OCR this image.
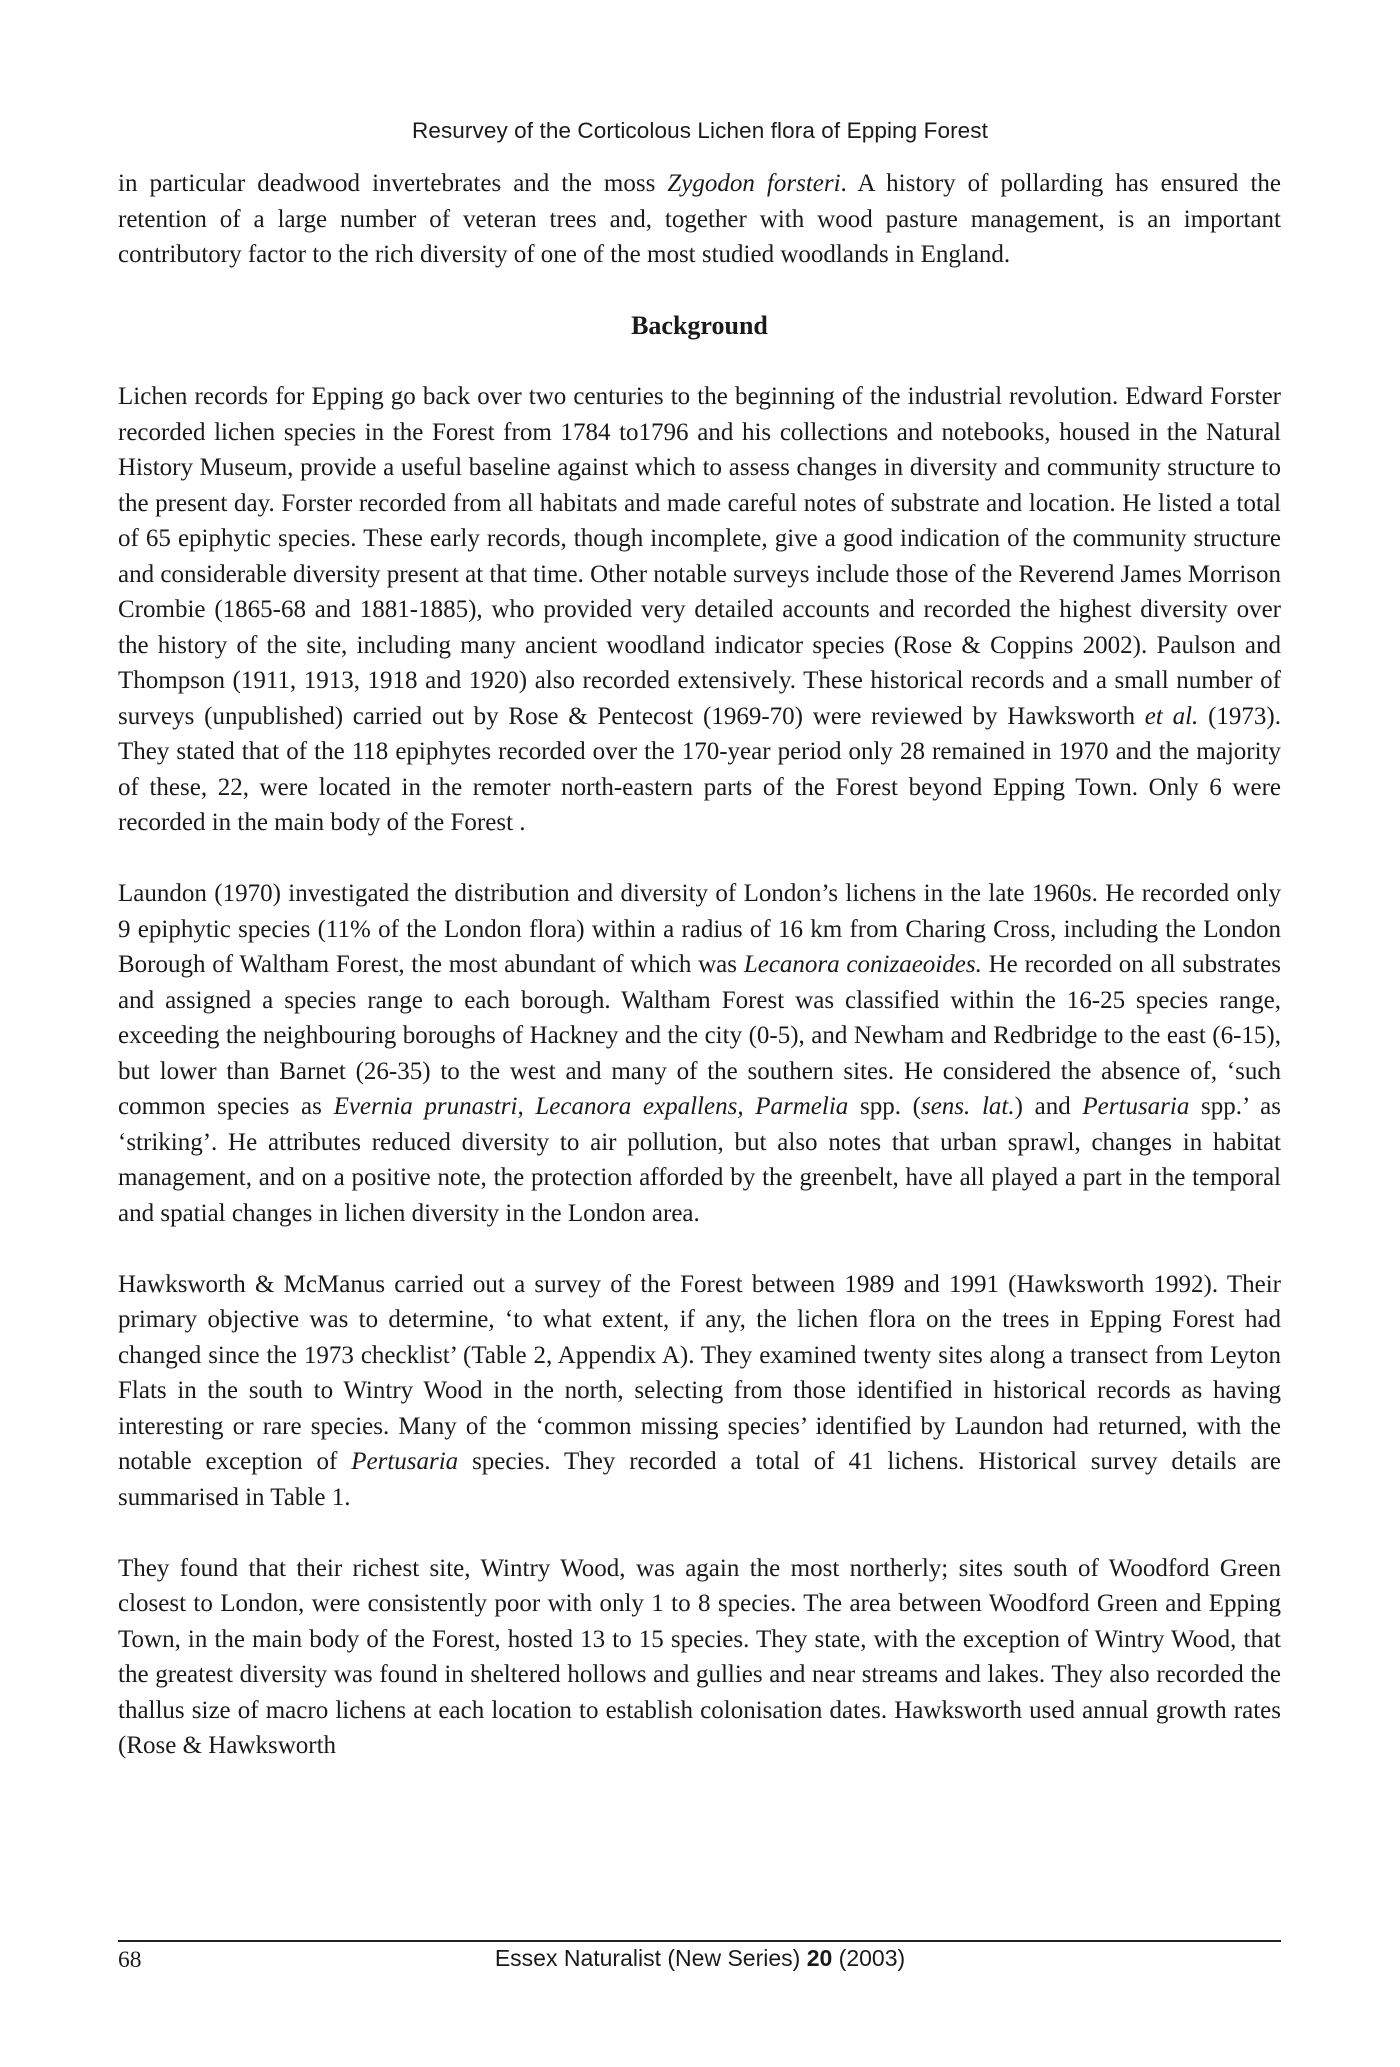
Resurvey of the Corticolous Lichen flora of Epping Forest

in particular deadwood invertebrates and the moss Zygodon forsteri. A history of pollarding has ensured the retention of a large number of veteran trees and, together with wood pasture management, is an important contributory factor to the rich diversity of one of the most studied woodlands in England.

Background

Lichen records for Epping go back over two centuries to the beginning of the industrial revolution. Edward Forster recorded lichen species in the Forest from 1784 to1796 and his collections and notebooks, housed in the Natural History Museum, provide a useful baseline against which to assess changes in diversity and community structure to the present day. Forster recorded from all habitats and made careful notes of substrate and location. He listed a total of 65 epiphytic species. These early records, though incomplete, give a good indication of the community structure and considerable diversity present at that time. Other notable surveys include those of the Reverend James Morrison Crombie (1865-68 and 1881-1885), who provided very detailed accounts and recorded the highest diversity over the history of the site, including many ancient woodland indicator species (Rose & Coppins 2002). Paulson and Thompson (1911, 1913, 1918 and 1920) also recorded extensively. These historical records and a small number of surveys (unpublished) carried out by Rose & Pentecost (1969-70) were reviewed by Hawksworth et al. (1973). They stated that of the 118 epiphytes recorded over the 170-year period only 28 remained in 1970 and the majority of these, 22, were located in the remoter north-eastern parts of the Forest beyond Epping Town. Only 6 were recorded in the main body of the Forest .

Laundon (1970) investigated the distribution and diversity of London’s lichens in the late 1960s. He recorded only 9 epiphytic species (11% of the London flora) within a radius of 16 km from Charing Cross, including the London Borough of Waltham Forest, the most abundant of which was Lecanora conizaeoides. He recorded on all substrates and assigned a species range to each borough. Waltham Forest was classified within the 16-25 species range, exceeding the neighbouring boroughs of Hackney and the city (0-5), and Newham and Redbridge to the east (6-15), but lower than Barnet (26-35) to the west and many of the southern sites. He considered the absence of, ‘such common species as Evernia prunastri, Lecanora expallens, Parmelia spp. (sens. lat.) and Pertusaria spp.’ as ‘striking’. He attributes reduced diversity to air pollution, but also notes that urban sprawl, changes in habitat management, and on a positive note, the protection afforded by the greenbelt, have all played a part in the temporal and spatial changes in lichen diversity in the London area.

Hawksworth & McManus carried out a survey of the Forest between 1989 and 1991 (Hawksworth 1992). Their primary objective was to determine, ‘to what extent, if any, the lichen flora on the trees in Epping Forest had changed since the 1973 checklist’ (Table 2, Appendix A). They examined twenty sites along a transect from Leyton Flats in the south to Wintry Wood in the north, selecting from those identified in historical records as having interesting or rare species. Many of the ‘common missing species’ identified by Laundon had returned, with the notable exception of Pertusaria species. They recorded a total of 41 lichens. Historical survey details are summarised in Table 1.

They found that their richest site, Wintry Wood, was again the most northerly; sites south of Woodford Green closest to London, were consistently poor with only 1 to 8 species. The area between Woodford Green and Epping Town, in the main body of the Forest, hosted 13 to 15 species. They state, with the exception of Wintry Wood, that the greatest diversity was found in sheltered hollows and gullies and near streams and lakes. They also recorded the thallus size of macro lichens at each location to establish colonisation dates. Hawksworth used annual growth rates (Rose & Hawksworth

68	Essex Naturalist (New Series) 20 (2003)
